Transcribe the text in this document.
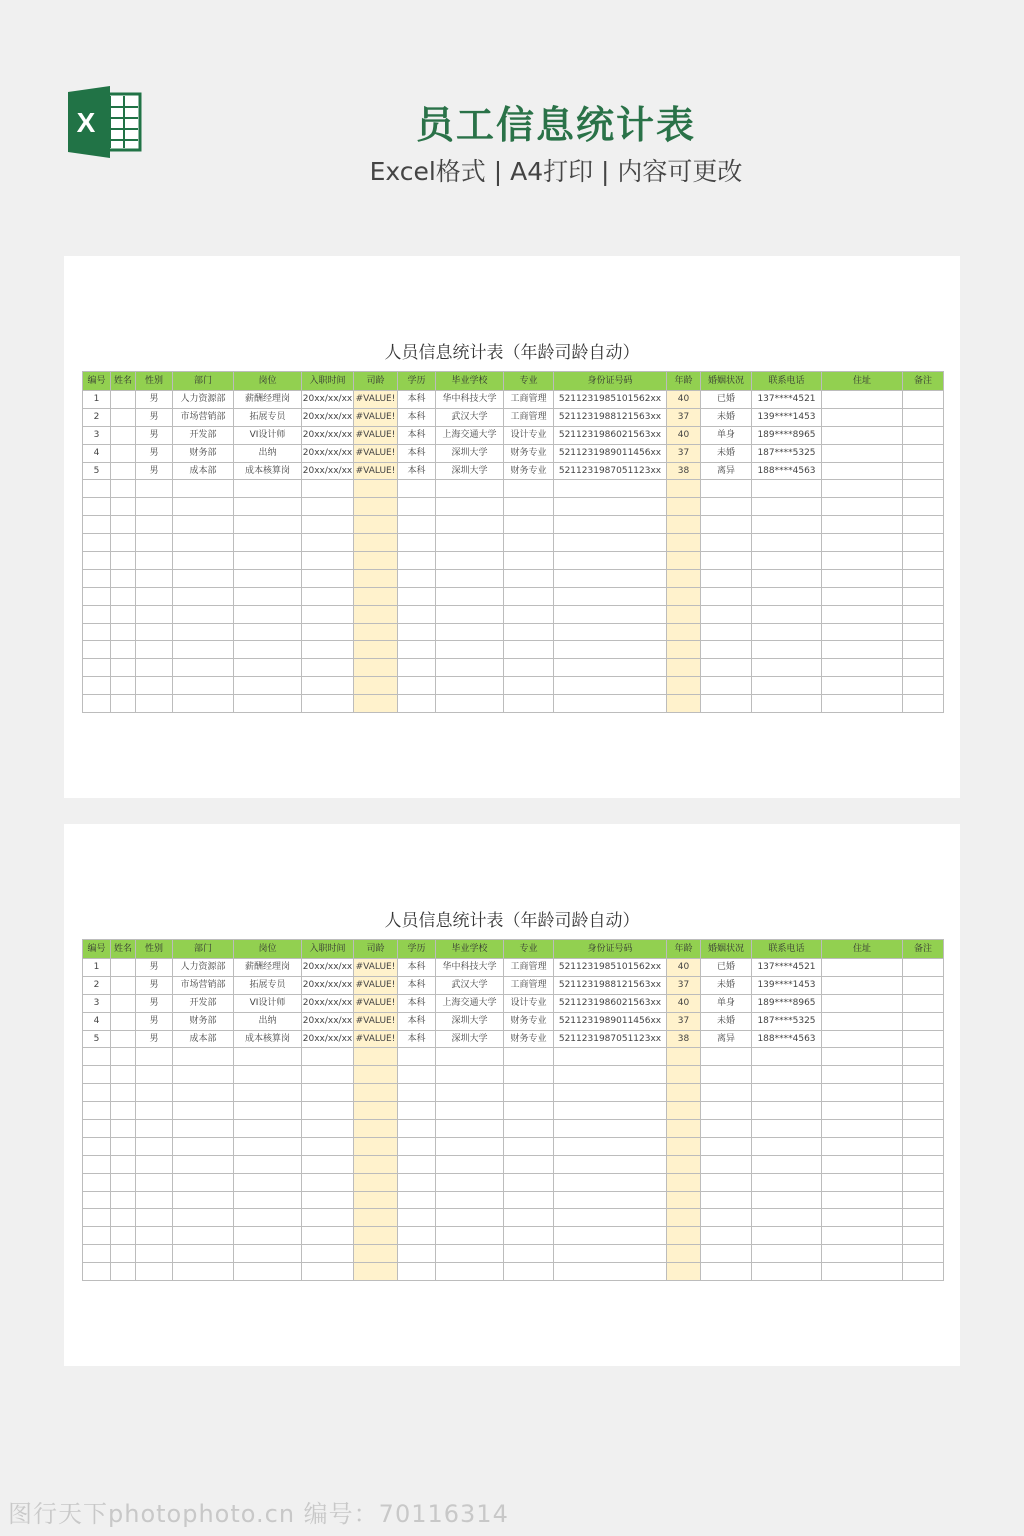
X	员工信息统计表
Excel格式 | A4打印 | 内容可更改
人员信息统计表（年龄司龄自动）
编号	姓名	性别	部门	岗位	入职时间	司龄	学历	毕业学校	专业	身份证号码	年龄	婚姻状况	联系电话	住址	备注
1		男	人力资源部	薪酬经理岗	20xx/xx/xx	#VALUE!	本科	华中科技大学	工商管理	5211231985101562xx	40	已婚	137****4521		
2		男	市场营销部	拓展专员	20xx/xx/xx	#VALUE!	本科	武汉大学	工商管理	5211231988121563xx	37	未婚	139****1453		
3		男	开发部	VI设计师	20xx/xx/xx	#VALUE!	本科	上海交通大学	设计专业	5211231986021563xx	40	单身	189****8965		
4		男	财务部	出纳	20xx/xx/xx	#VALUE!	本科	深圳大学	财务专业	5211231989011456xx	37	未婚	187****5325		
5		男	成本部	成本核算岗	20xx/xx/xx	#VALUE!	本科	深圳大学	财务专业	5211231987051123xx	38	离异	188****4563		

人员信息统计表（年龄司龄自动）
编号	姓名	性别	部门	岗位	入职时间	司龄	学历	毕业学校	专业	身份证号码	年龄	婚姻状况	联系电话	住址	备注
1		男	人力资源部	薪酬经理岗	20xx/xx/xx	#VALUE!	本科	华中科技大学	工商管理	5211231985101562xx	40	已婚	137****4521		
2		男	市场营销部	拓展专员	20xx/xx/xx	#VALUE!	本科	武汉大学	工商管理	5211231988121563xx	37	未婚	139****1453		
3		男	开发部	VI设计师	20xx/xx/xx	#VALUE!	本科	上海交通大学	设计专业	5211231986021563xx	40	单身	189****8965		
4		男	财务部	出纳	20xx/xx/xx	#VALUE!	本科	深圳大学	财务专业	5211231989011456xx	37	未婚	187****5325		
5		男	成本部	成本核算岗	20xx/xx/xx	#VALUE!	本科	深圳大学	财务专业	5211231987051123xx	38	离异	188****4563		

图行天下photophoto.cn 编号：70116314
